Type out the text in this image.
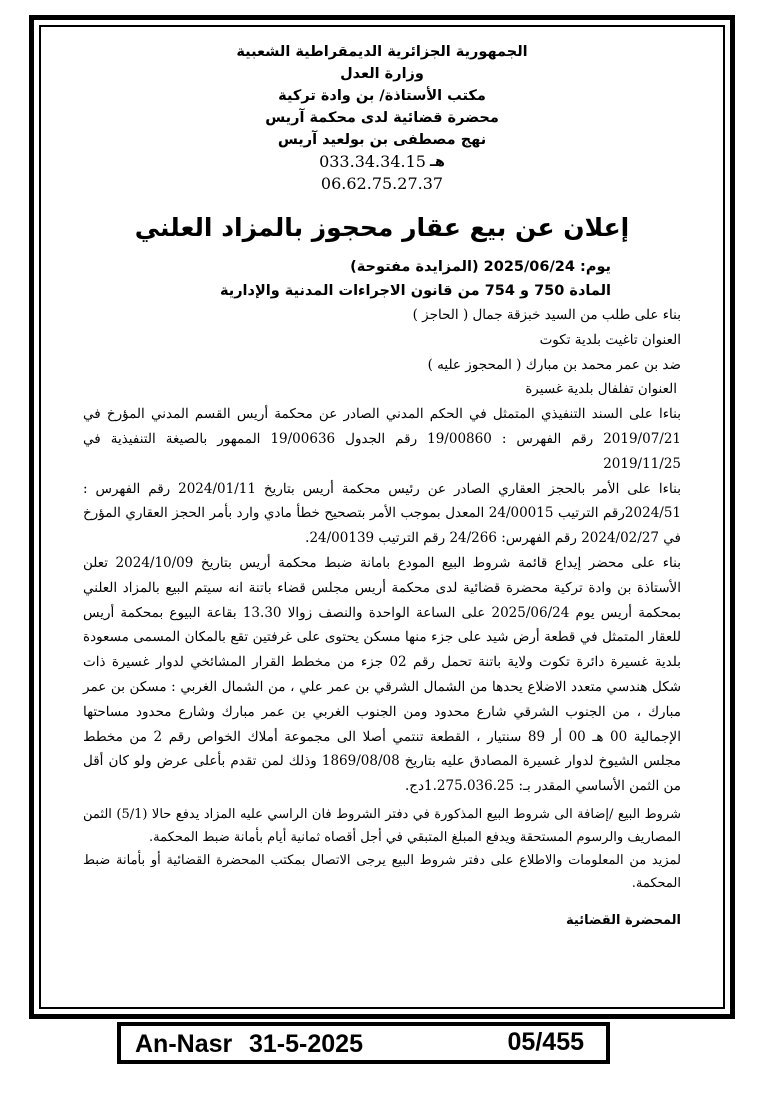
الجمهورية الجزائرية الديمقراطية الشعبية
وزارة العدل
مكتب الأستاذة/ بن وادة تركية
محضرة قضائية لدى محكمة آريس
نهج مصطفى بن بولعيد آريس
هـ
033.34.34.15
06.62.75.27.37
إعلان عن بيع عقار محجوز بالمزاد العلني
يوم: 2025/06/24 (المزايدة مفتوحة)
المادة 750 و 754 من قانون الاجراءات المدنية والإدارية

بناء على طلب من السيد خبزقة جمال ( الحاجز )

العنوان تاغيت بلدية تكوت

ضد بن عمر محمد بن مبارك ( المحجوز عليه )

العنوان تفلفال بلدية غسيرة

بناءا على السند التنفيذي المتمثل في الحكم المدني الصادر عن محكمة أريس القسم المدني المؤرخ في 2019/07/21 رقم الفهرس : 19/00860 رقم الجدول 19/00636 الممهور بالصيغة التنفيذية في 2019/11/25

بناءا على الأمر بالحجز العقاري الصادر عن رئيس محكمة أريس بتاريخ 2024/01/11 رقم الفهرس : 2024/51رقم الترتيب 24/00015 المعدل بموجب الأمر بتصحيح خطأ مادي وارد بأمر الحجز العقاري المؤرخ في 2024/02/27 رقم الفهرس: 24/266 رقم الترتيب 24/00139.

بناء على محضر إيداع قائمة شروط البيع المودع بامانة ضبط محكمة أريس بتاريخ 2024/10/09 تعلن الأستاذة بن وادة تركية محضرة قضائية لدى محكمة أريس مجلس قضاء باتنة انه سيتم البيع بالمزاد العلني بمحكمة أريس يوم 2025/06/24 على الساعة الواحدة والنصف زوالا 13.30 بقاعة البيوع بمحكمة أريس للعقار المتمثل في قطعة أرض شيد على جزء منها مسكن يحتوى على غرفتين تقع بالمكان المسمى مسعودة بلدية غسيرة دائرة تكوت ولاية باتنة تحمل رقم 02 جزء من مخطط القرار المشائخي لدوار غسيرة ذات شكل هندسي متعدد الاضلاع يحدها من الشمال الشرقي بن عمر علي ، من الشمال الغربي : مسكن بن عمر مبارك ، من الجنوب الشرقي شارع محدود ومن الجنوب الغربي بن عمر مبارك وشارع محدود مساحتها الإجمالية 00 هـ 00 أر 89 سنتيار ، القطعة تنتمي أصلا الى مجموعة أملاك الخواص رقم 2 من مخطط مجلس الشيوخ لدوار غسيرة المصادق عليه بتاريخ 1869/08/08 وذلك لمن تقدم بأعلى عرض ولو كان أقل من الثمن الأساسي المقدر بـ: 1.275.036.25دج.

شروط البيع /إضافة الى شروط البيع المذكورة في دفتر الشروط فان الراسي عليه المزاد يدفع حالا (5/1) الثمن المصاريف والرسوم المستحقة ويدفع المبلغ المتبقي في أجل أقصاه ثمانية أيام بأمانة ضبط المحكمة.

لمزيد من المعلومات والاطلاع على دفتر شروط البيع يرجى الاتصال بمكتب المحضرة القضائية أو بأمانة ضبط المحكمة.

المحضرة القضائية
An-Nasr 31-5-2025	05/455
